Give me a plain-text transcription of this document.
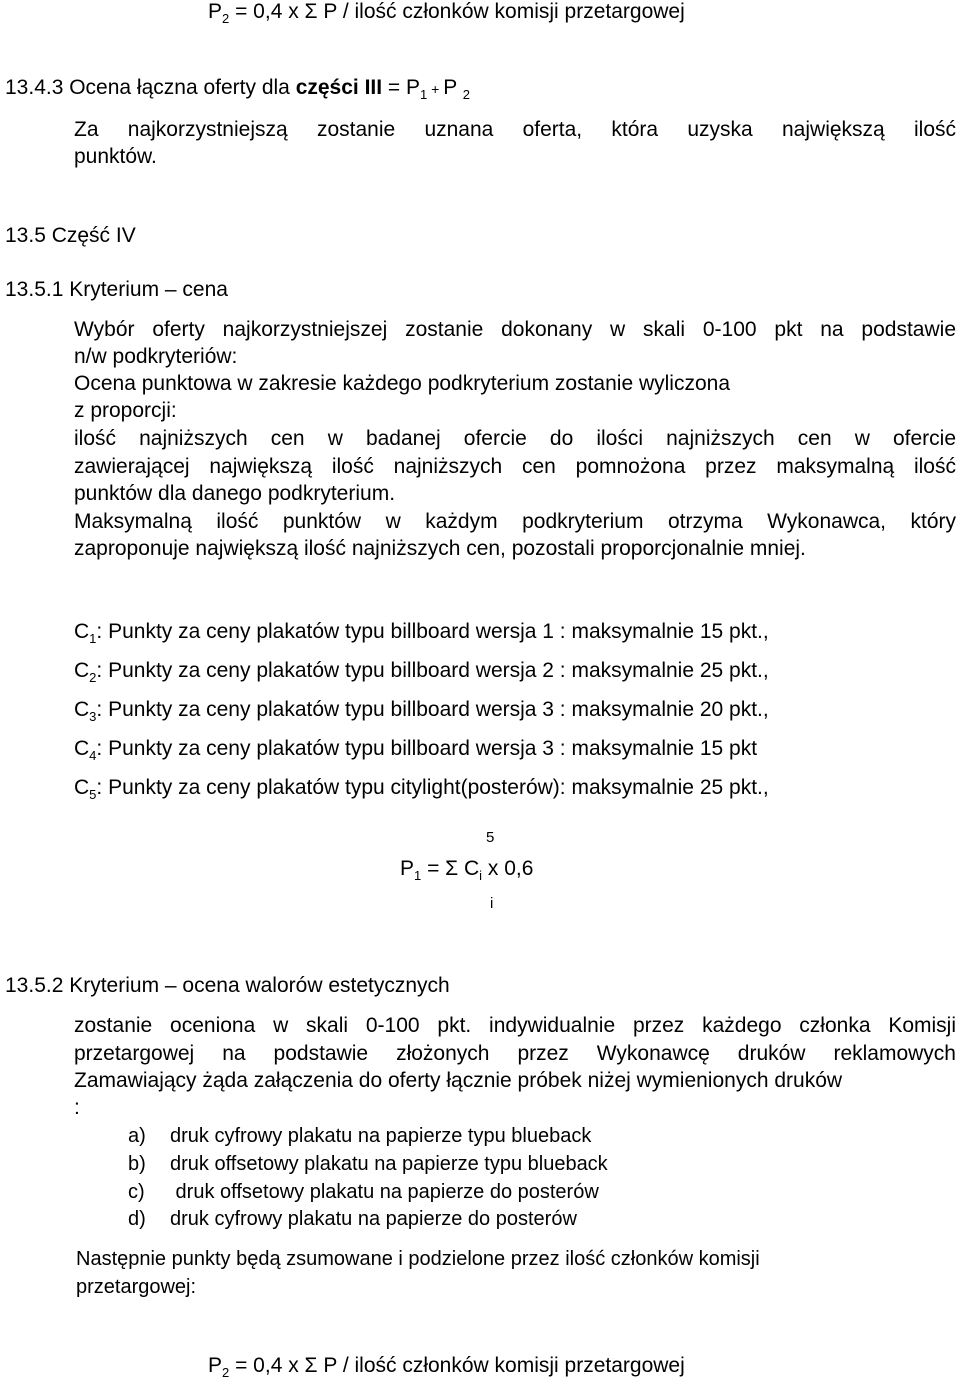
$P_2 = 0,4$ x Σ P / ilość członków komisji przetargowej
13.4.3 Ocena łączna oferty dla części III = $P_1 + P$ $_2$
Za najkorzystniejszą zostanie uznana oferta, która uzyska największą ilość
punktów.
13.5 Część IV
13.5.1 Kryterium – cena
Wybór oferty najkorzystniejszej zostanie dokonany w skali 0-100 pkt na podstawie
n/w podkryteriów:
Ocena punktowa w zakresie każdego podkryterium zostanie wyliczona
z proporcji:
ilość najniższych cen w badanej ofercie do ilości najniższych cen w ofercie
zawierającej największą ilość najniższych cen pomnożona przez maksymalną ilość
punktów dla danego podkryterium.
Maksymalną ilość punktów w każdym podkryterium otrzyma Wykonawca, który
zaproponuje największą ilość najniższych cen, pozostali proporcjonalnie mniej.
$C_1$: Punkty za ceny plakatów typu billboard wersja 1 : maksymalnie 15 pkt.,
$C_2$: Punkty za ceny plakatów typu billboard wersja 2 : maksymalnie 25 pkt.,
$C_3$: Punkty za ceny plakatów typu billboard wersja 3 : maksymalnie 20 pkt.,
$C_4$: Punkty za ceny plakatów typu billboard wersja 3 : maksymalnie 15 pkt
$C_5$: Punkty za ceny plakatów typu citylight(posterów): maksymalnie 25 pkt.,
5
$P_1 = \Sigma$ $C_i$ x 0,6
i
13.5.2 Kryterium – ocena walorów estetycznych
zostanie oceniona w skali 0-100 pkt. indywidualnie przez każdego członka Komisji
przetargowej na podstawie złożonych przez Wykonawcę druków reklamowych
Zamawiający żąda załączenia do oferty łącznie próbek niżej wymienionych druków
:
a) druk cyfrowy plakatu na papierze typu blueback
b) druk offsetowy plakatu na papierze typu blueback
c) druk offsetowy plakatu na papierze do posterów
d) druk cyfrowy plakatu na papierze do posterów
Następnie punkty będą zsumowane i podzielone przez ilość członków komisji
przetargowej:
$P_2 = 0,4$ x Σ P / ilość członków komisji przetargowej
